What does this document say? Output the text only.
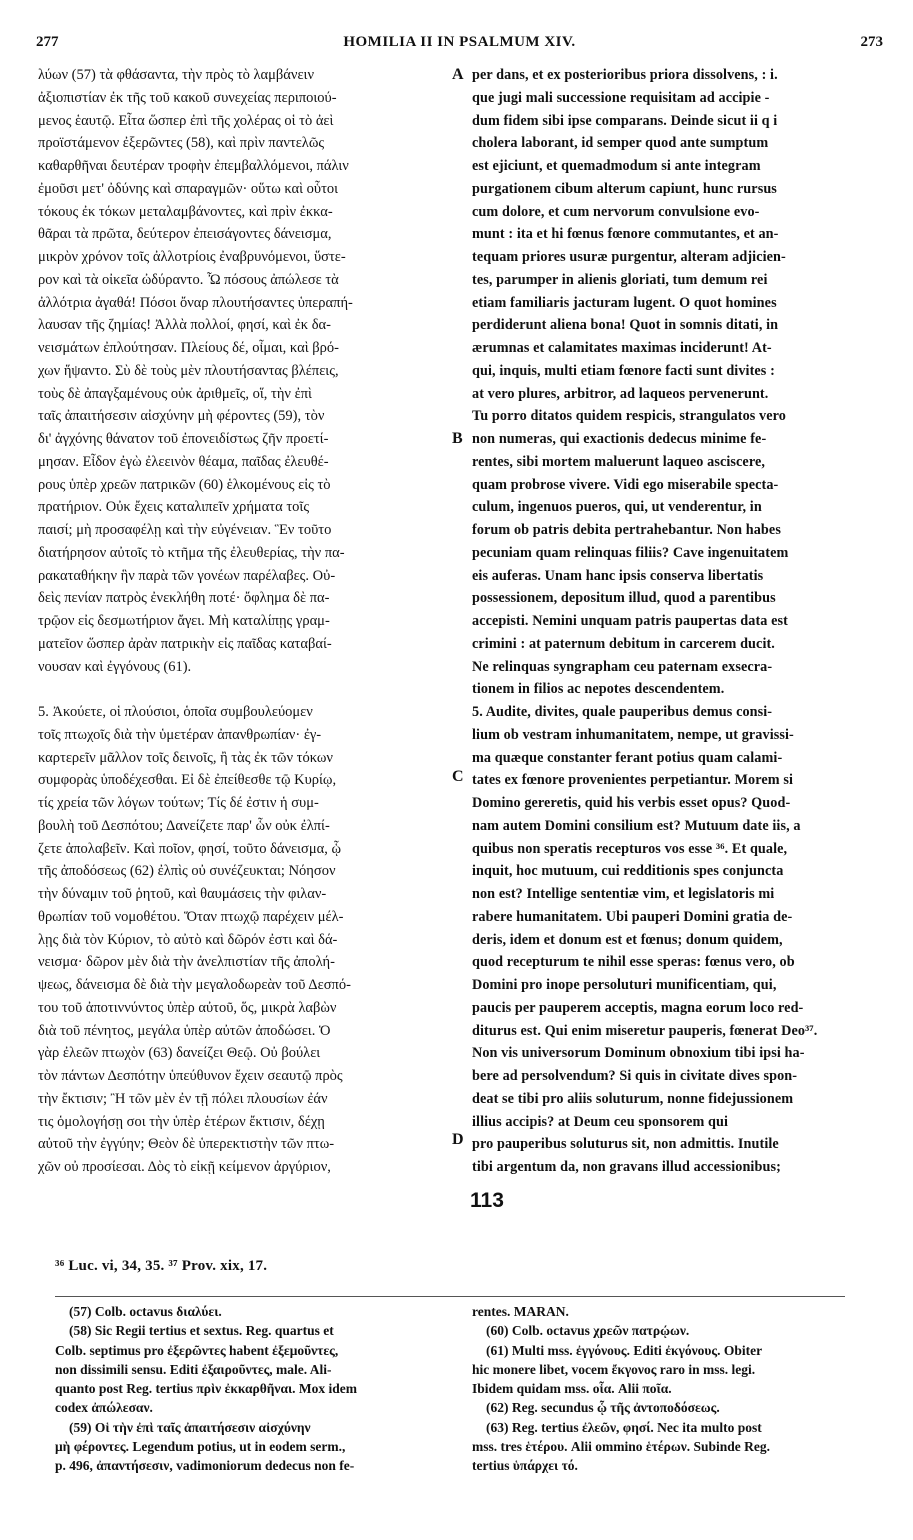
277	HOMILIA II IN PSALMUM XIV.	273
λύων (57) τὰ φθάσαντα, τὴν πρὸς τὸ λαμβάνειν
ἀξιοπιστίαν ἐκ τῆς τοῦ κακοῦ συνεχείας περιποιού-
μενος ἑαυτῷ. Εἶτα ὥσπερ ἐπὶ τῆς χολέρας οἱ τὸ ἀεὶ
προϊστάμενον ἐξερῶντες (58), καὶ πρὶν παντελῶς
καθαρθῆναι δευτέραν τροφὴν ἐπεμβαλλόμενοι, πάλιν
ἐμοῦσι μετ' ὀδύνης καὶ σπαραγμῶν· οὕτω καὶ οὗτοι
τόκους ἐκ τόκων μεταλαμβάνοντες, καὶ πρὶν ἐκκα-
θᾶραι τὰ πρῶτα, δεύτερον ἐπεισάγοντες δάνεισμα,
μικρὸν χρόνον τοῖς ἀλλοτρίοις ἐναβρυνόμενοι, ὕστε-
ρον καὶ τὰ οἰκεῖα ὠδύραντο. Ὦ πόσους ἀπώλεσε τὰ
ἀλλότρια ἀγαθά! Πόσοι ὄναρ πλουτήσαντες ὑπεραπή-
λαυσαν τῆς ζημίας! Ἀλλὰ πολλοί, φησί, καὶ ἐκ δα-
νεισμάτων ἐπλούτησαν. Πλείους δέ, οἶμαι, καὶ βρό-
χων ἥψαντο. Σὺ δὲ τοὺς μὲν πλουτήσαντας βλέπεις,
τοὺς δὲ ἀπαγξαμένους οὐκ ἀριθμεῖς, οἵ, τὴν ἐπὶ
ταῖς ἀπαιτήσεσιν αἰσχύνην μὴ φέροντες (59), τὸν
δι' ἀγχόνης θάνατον τοῦ ἐπονειδίστως ζῆν προετί-
μησαν. Εἶδον ἐγὼ ἐλεεινὸν θέαμα, παῖδας ἐλευθέ-
ρους ὑπὲρ χρεῶν πατρικῶν (60) ἑλκομένους εἰς τὸ
πρατήριον. Οὐκ ἔχεις καταλιπεῖν χρήματα τοῖς
παισί; μὴ προσαφέλῃ καὶ τὴν εὐγένειαν. Ἓν τοῦτο
διατήρησον αὐτοῖς τὸ κτῆμα τῆς ἐλευθερίας, τὴν πα-
ρακαταθήκην ἣν παρὰ τῶν γονέων παρέλαβες. Οὐ-
δεὶς πενίαν πατρὸς ἐνεκλήθη ποτέ· ὄφλημα δὲ πα-
τρῷον εἰς δεσμωτήριον ἄγει. Μὴ καταλίπῃς γραμ-
ματεῖον ὥσπερ ἀρὰν πατρικὴν εἰς παῖδας καταβαί-
νουσαν καὶ ἐγγόνους (61).
5. Ἀκούετε, οἱ πλούσιοι, ὁποῖα συμβουλεύομεν
τοῖς πτωχοῖς διὰ τὴν ὑμετέραν ἀπανθρωπίαν· ἐγ-
καρτερεῖν μᾶλλον τοῖς δεινοῖς, ἢ τὰς ἐκ τῶν τόκων
συμφορὰς ὑποδέχεσθαι. Εἰ δὲ ἐπείθεσθε τῷ Κυρίῳ,
τίς χρεία τῶν λόγων τούτων; Τίς δέ ἐστιν ἡ συμ-
βουλὴ τοῦ Δεσπότου; Δανείζετε παρ' ὧν οὐκ ἐλπί-
ζετε ἀπολαβεῖν. Καὶ ποῖον, φησί, τοῦτο δάνεισμα, ᾧ
τῆς ἀποδόσεως (62) ἐλπὶς οὐ συνέζευκται; Νόησον
τὴν δύναμιν τοῦ ῥητοῦ, καὶ θαυμάσεις τὴν φιλαν-
θρωπίαν τοῦ νομοθέτου. Ὅταν πτωχῷ παρέχειν μέλ-
λῃς διὰ τὸν Κύριον, τὸ αὐτὸ καὶ δῶρόν ἐστι καὶ δά-
νεισμα· δῶρον μὲν διὰ τὴν ἀνελπιστίαν τῆς ἀπολή-
ψεως, δάνεισμα δὲ διὰ τὴν μεγαλοδωρεὰν τοῦ Δεσπό-
του τοῦ ἀποτιννύντος ὑπὲρ αὐτοῦ, ὅς, μικρὰ λαβὼν
διὰ τοῦ πένητος, μεγάλα ὑπὲρ αὐτῶν ἀποδώσει. Ὁ
γὰρ ἐλεῶν πτωχὸν (63) δανείζει Θεῷ. Οὐ βούλει
τὸν πάντων Δεσπότην ὑπεύθυνον ἔχειν σεαυτῷ πρὸς
τὴν ἔκτισιν; Ἢ τῶν μὲν ἐν τῇ πόλει πλουσίων ἐάν
τις ὁμολογήσῃ σοι τὴν ὑπὲρ ἑτέρων ἔκτισιν, δέχῃ
αὐτοῦ τὴν ἐγγύην; Θεὸν δὲ ὑπερεκτιστὴν τῶν πτω-
χῶν οὐ προσίεσαι. Δὸς τὸ εἰκῇ κείμενον ἀργύριον,
per dans, et ex posterioribus priora dissolvens, : i.
que jugi mali successione requisitam ad accipie -
dum fidem sibi ipse comparans. Deinde sicut ii q i
cholera laborant, id semper quod ante sumptum
est ejiciunt, et quemadmodum si ante integram
purgationem cibum alterum capiunt, hunc rursus
cum dolore, et cum nervorum convulsione evo-
munt : ita et hi fœnus fœnore commutantes, et an-
tequam priores usuræ purgentur, alteram adjicien-
tes, parumper in alienis gloriati, tum demum rei
etiam familiaris jacturam lugent. O quot homines
perdiderunt aliena bona! Quot in somnis ditati, in
ærumnas et calamitates maximas inciderunt! At-
qui, inquis, multi etiam fœnore facti sunt divites :
at vero plures, arbitror, ad laqueos pervenerunt.
Tu porro ditatos quidem respicis, strangulatos vero
non numeras, qui exactionis dedecus minime fe-
rentes, sibi mortem maluerunt laqueo asciscere,
quam probrose vivere. Vidi ego miserabile specta-
culum, ingenuos pueros, qui, ut venderentur, in
forum ob patris debita pertrahebantur. Non habes
pecuniam quam relinquas filiis? Cave ingenuitatem
eis auferas. Unam hanc ipsis conserva libertatis
possessionem, depositum illud, quod a parentibus
accepisti. Nemini unquam patris paupertas data est
crimini : at paternum debitum in carcerem ducit.
Ne relinquas syngrapham ceu paternam exsecra-
tionem in filios ac nepotes descendentem.
5. Audite, divites, quale pauperibus demus consi-
lium ob vestram inhumanitatem, nempe, ut gravissi-
ma quæque constanter ferant potius quam calami-
tates ex fœnore provenientes perpetiantur. Morem si
Domino gereretis, quid his verbis esset opus? Quod-
nam autem Domini consilium est? Mutuum date iis, a
quibus non speratis recepturos vos esse ³⁶. Et quale,
inquit, hoc mutuum, cui redditionis spes conjuncta
non est? Intellige sententiæ vim, et legislatoris mi
rabere humanitatem. Ubi pauperi Domini gratia de-
deris, idem et donum est et fœnus; donum quidem,
quod recepturum te nihil esse speras: fœnus vero, ob
Domini pro inope persoluturi munificentiam, qui,
paucis per pauperem acceptis, magna eorum loco red-
diturus est. Qui enim miseretur pauperis, fœnerat Deo³⁷.
Non vis universorum Dominum obnoxium tibi ipsi ha-
bere ad persolvendum? Si quis in civitate dives spon-
deat se tibi pro aliis soluturum, nonne fidejussionem
illius accipis? at Deum ceu sponsorem qui
pro pauperibus soluturus sit, non admittis. Inutile
tibi argentum da, non gravans illud accessionibus;
A
B
C
D
113
³⁶ Luc. vi, 34, 35. ³⁷ Prov. xix, 17.
(57) Colb. octavus διαλύει.
(58) Sic Regii tertius et sextus. Reg. quartus et
Colb. septimus pro ἐξερῶντες habent ἐξεμοῦντες,
non dissimili sensu. Editi ἐξαιροῦντες, male. Ali-
quanto post Reg. tertius πρὶν ἐκκαρθῆναι. Mox idem
codex ἀπώλεσαν.
(59) Οἱ τὴν ἐπὶ ταῖς ἀπαιτήσεσιν αἰσχύνην
μὴ φέροντες. Legendum potius, ut in eodem serm.,
p. 496, ἀπαντήσεσιν, vadimoniorum dedecus non fe-
rentes. MARAN.
(60) Colb. octavus χρεῶν πατρῴων.
(61) Multi mss. ἐγγόνους. Editi ἐκγόνους. Obiter
hic monere libet, vocem ἔκγονος raro in mss. legi.
Ibidem quidam mss. οἷα. Alii ποῖα.
(62) Reg. secundus ᾧ τῆς ἀντοποδόσεως.
(63) Reg. tertius ἐλεῶν, φησί. Nec ita multo post
mss. tres ἑτέρου. Alii ommino ἑτέρων. Subinde Reg.
tertius ὑπάρχει τό.
